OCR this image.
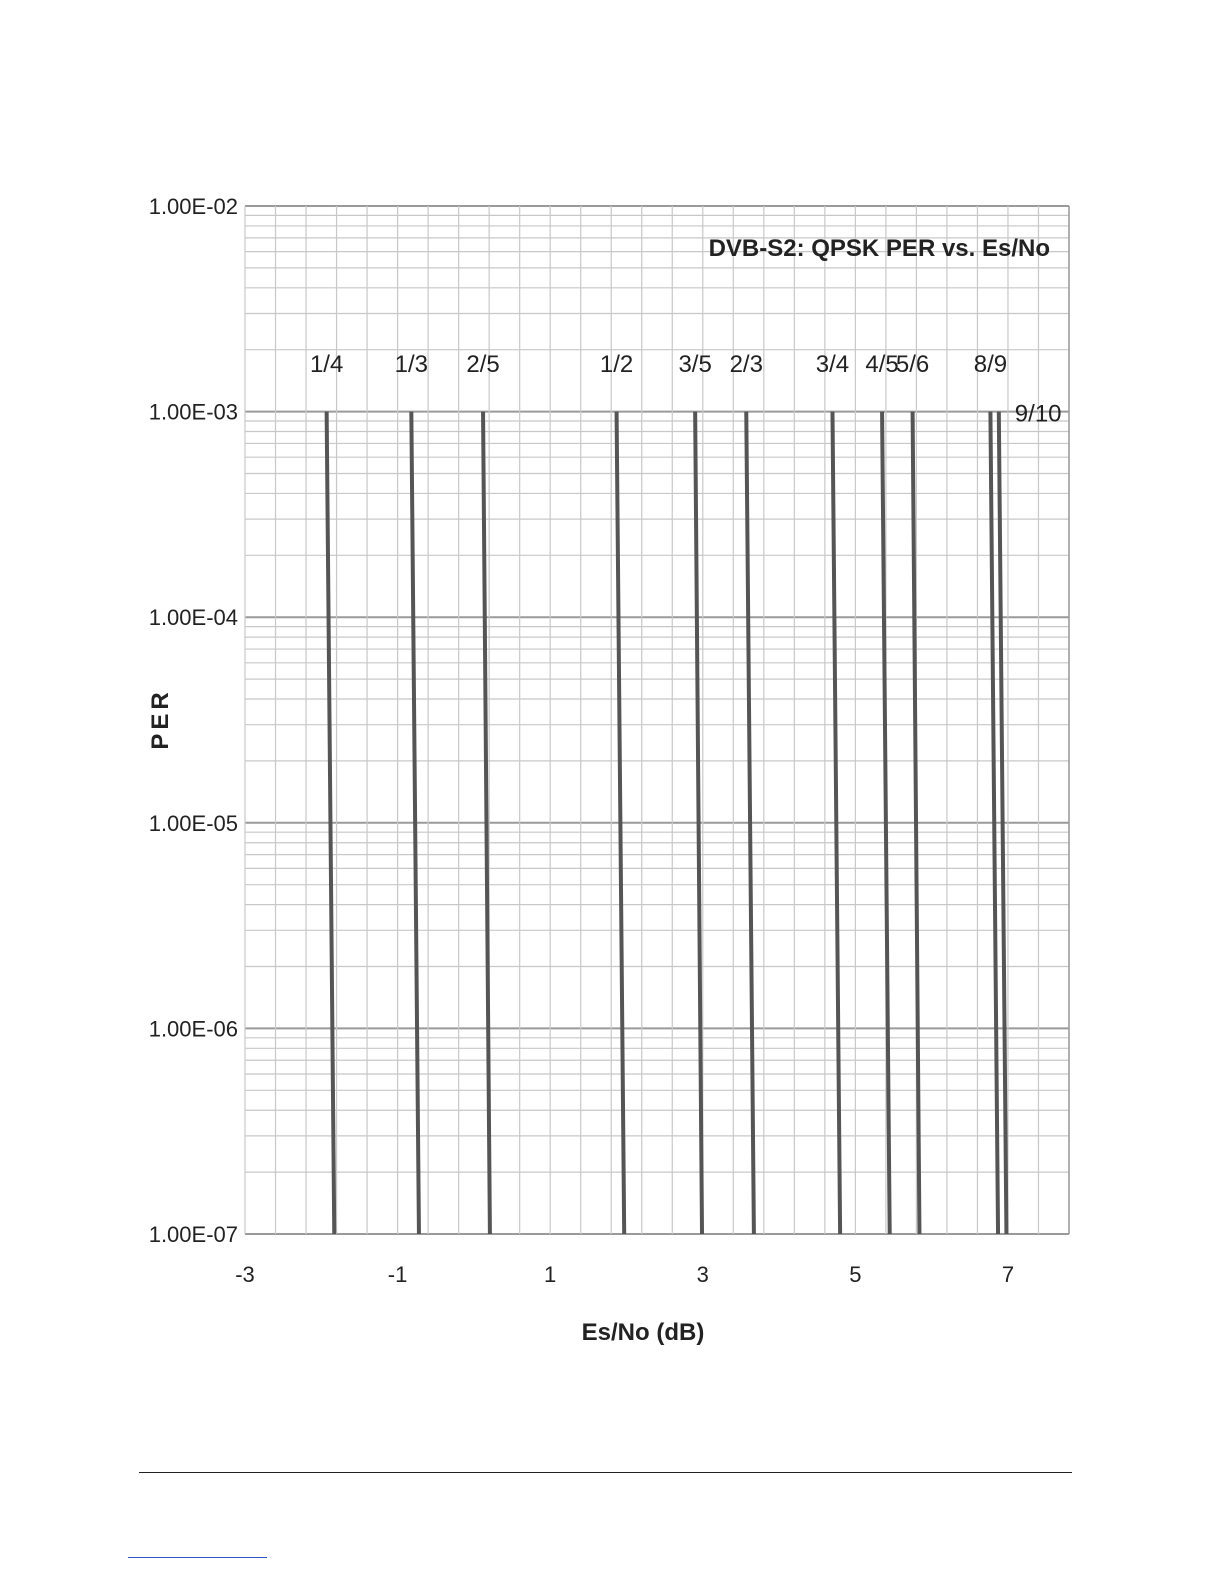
1/4 1/3 2/5	1/2 3/5 2/3 3/4 4/5
5/6 8/9
9/10
-3	-1	1	3	5	7
1.00E-02
1.00E-03
1.00E-04
1.00E-05
1.00E-06
1.00E-07
DVB-S2: QPSK PER vs. Es/No
Es/No (dB)
PER
